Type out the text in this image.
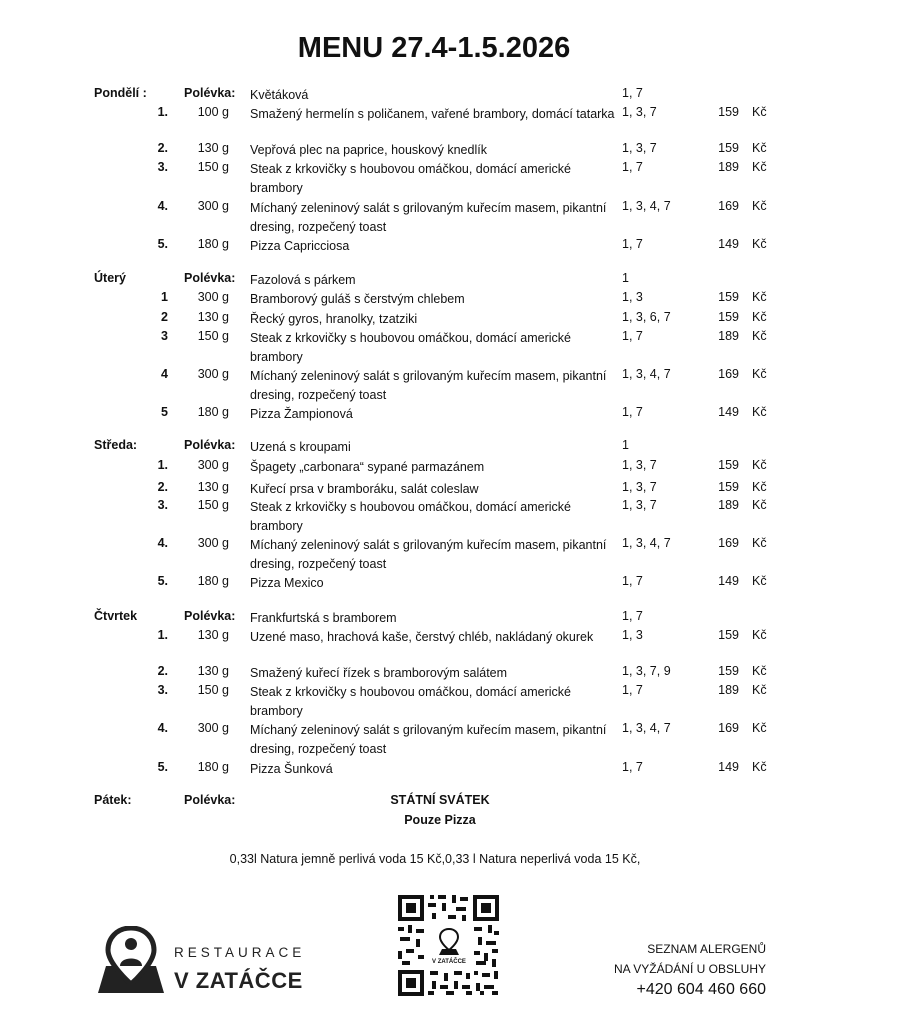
MENU 27.4-1.5.2026
Pondělí :	Polévka: Květáková	1, 7
1.	100 g Smažený hermelín s poličanem, vařené brambory, domácí tatarka 1, 3, 7	159 Kč
2.	130 g Vepřová plec na paprice, houskový knedlík	1, 3, 7	159 Kč
3.	150 g Steak z krkovičky s houbovou omáčkou, domácí americké brambory
1, 7	189 Kč
4.	300 g Míchaný zeleninový salát s grilovaným kuřecím masem, pikantní dresing, rozpečený toast
1, 3, 4, 7	169 Kč
5.	180 g Pizza Capricciosa	1, 7	149 Kč
Úterý	Polévka: Fazolová s párkem	1
1	300 g Bramborový guláš s čerstvým chlebem	1, 3	159 Kč
2	130 g Řecký gyros, hranolky, tzatziki	1, 3, 6, 7	159 Kč
3	150 g Steak z krkovičky s houbovou omáčkou, domácí americké brambory
1, 7	189 Kč
4	300 g Míchaný zeleninový salát s grilovaným kuřecím masem, pikantní dresing, rozpečený toast
1, 3, 4, 7	169 Kč
5	180 g Pizza Žampionová	1, 7	149 Kč
Středa:	Polévka: Uzená s kroupami	1
1.	300 g Špagety „carbonara“ sypané parmazánem	1, 3, 7	159 Kč
2.	130 g Kuřecí prsa v bramboráku, salát coleslaw	1, 3, 7	159 Kč
3.	150 g Steak z krkovičky s houbovou omáčkou, domácí americké brambory
1, 3, 7	189 Kč
4.	300 g Míchaný zeleninový salát s grilovaným kuřecím masem, pikantní dresing, rozpečený toast
1, 3, 4, 7	169 Kč
5.	180 g Pizza Mexico	1, 7	149 Kč
Čtvrtek	Polévka: Frankfurtská s bramborem	1, 7
1.	130 g Uzené maso, hrachová kaše, čerstvý chléb, nakládaný okurek	1, 3	159 Kč
2.	130 g Smažený kuřecí řízek s bramborovým salátem	1, 3, 7, 9	159 Kč
3.	150 g Steak z krkovičky s houbovou omáčkou, domácí americké brambory
1, 7	189 Kč
4.	300 g Míchaný zeleninový salát s grilovaným kuřecím masem, pikantní dresing, rozpečený toast
1, 3, 4, 7	169 Kč
5.	180 g Pizza Šunková	1, 7	149 Kč
Pátek:	Polévka:	STÁTNÍ SVÁTEK
Pouze Pizza
0,33l Natura jemně perlivá voda 15 Kč,0,33 l Natura neperlivá voda 15 Kč,
RESTAURACE
V ZATÁČCE
V ZATÁČCE
SEZNAM ALERGENŮ
NA VYŽÁDÁNÍ U OBSLUHY
+420 604 460 660
